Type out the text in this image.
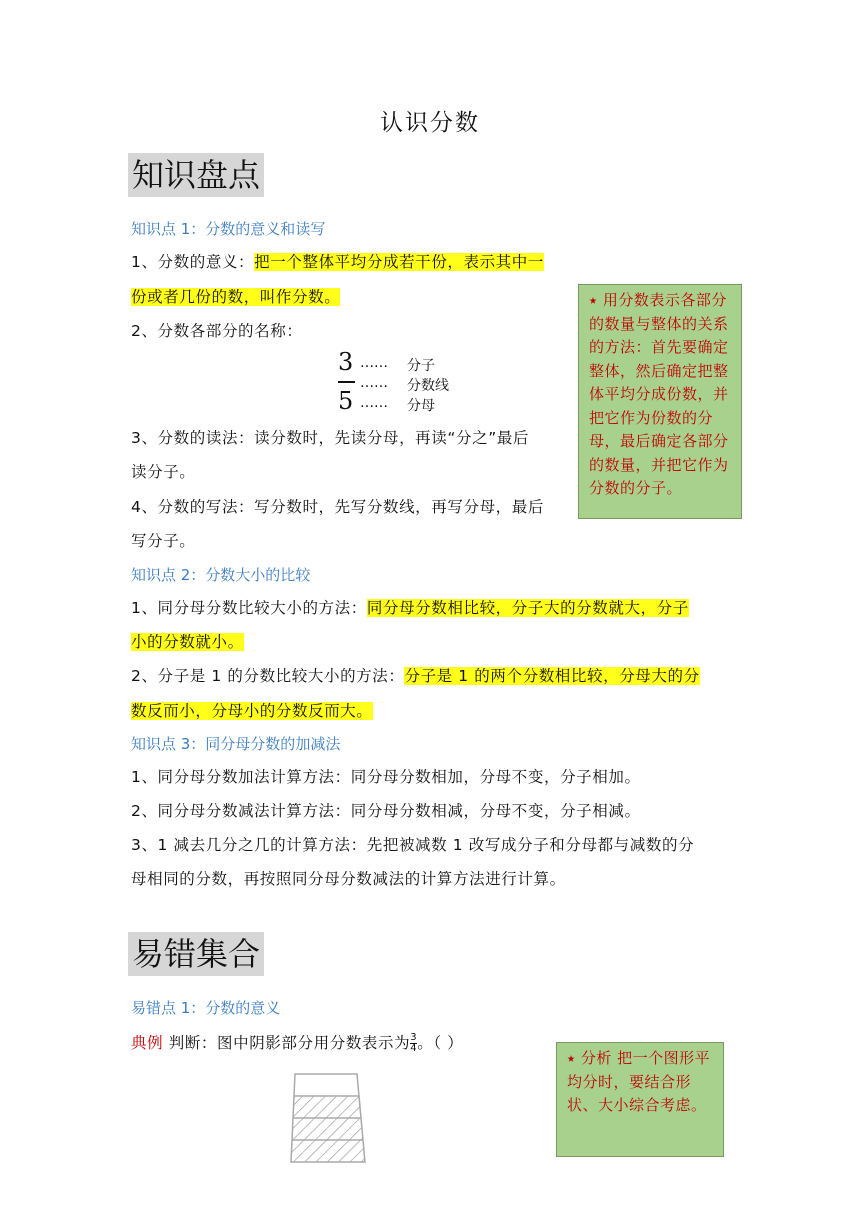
认识分数
知识盘点
知识点 1：分数的意义和读写
1、分数的意义：把一个整体平均分成若干份，表示其中一
份或者几份的数，叫作分数。
2、分数各部分的名称：
3
5
……
……
……
分子
分数线
分母
3、分数的读法：读分数时，先读分母，再读“分之”最后
读分子。
4、分数的写法：写分数时，先写分数线，再写分母，最后
写分子。
⭑ 用分数表示各部分的数量与整体的关系的方法：首先要确定整体，然后确定把整体平均分成份数，并把它作为份数的分母，最后确定各部分的数量，并把它作为分数的分子。
知识点 2：分数大小的比较
1、同分母分数比较大小的方法：同分母分数相比较，分子大的分数就大，分子
小的分数就小。
2、分子是 1 的分数比较大小的方法：分子是 1 的两个分数相比较，分母大的分
数反而小，分母小的分数反而大。
知识点 3：同分母分数的加减法
1、同分母分数加法计算方法：同分母分数相加，分母不变，分子相加。
2、同分母分数减法计算方法：同分母分数相减，分母不变，分子相减。
3、1 减去几分之几的计算方法：先把被减数 1 改写成分子和分母都与减数的分
母相同的分数，再按照同分母分数减法的计算方法进行计算。
易错集合
易错点 1：分数的意义
典例 判断：图中阴影部分用分数表示为 $\frac{3}{4}$ 。（ ）
⭑ 分析 把一个图形平均分时，要结合形状、大小综合考虑。
